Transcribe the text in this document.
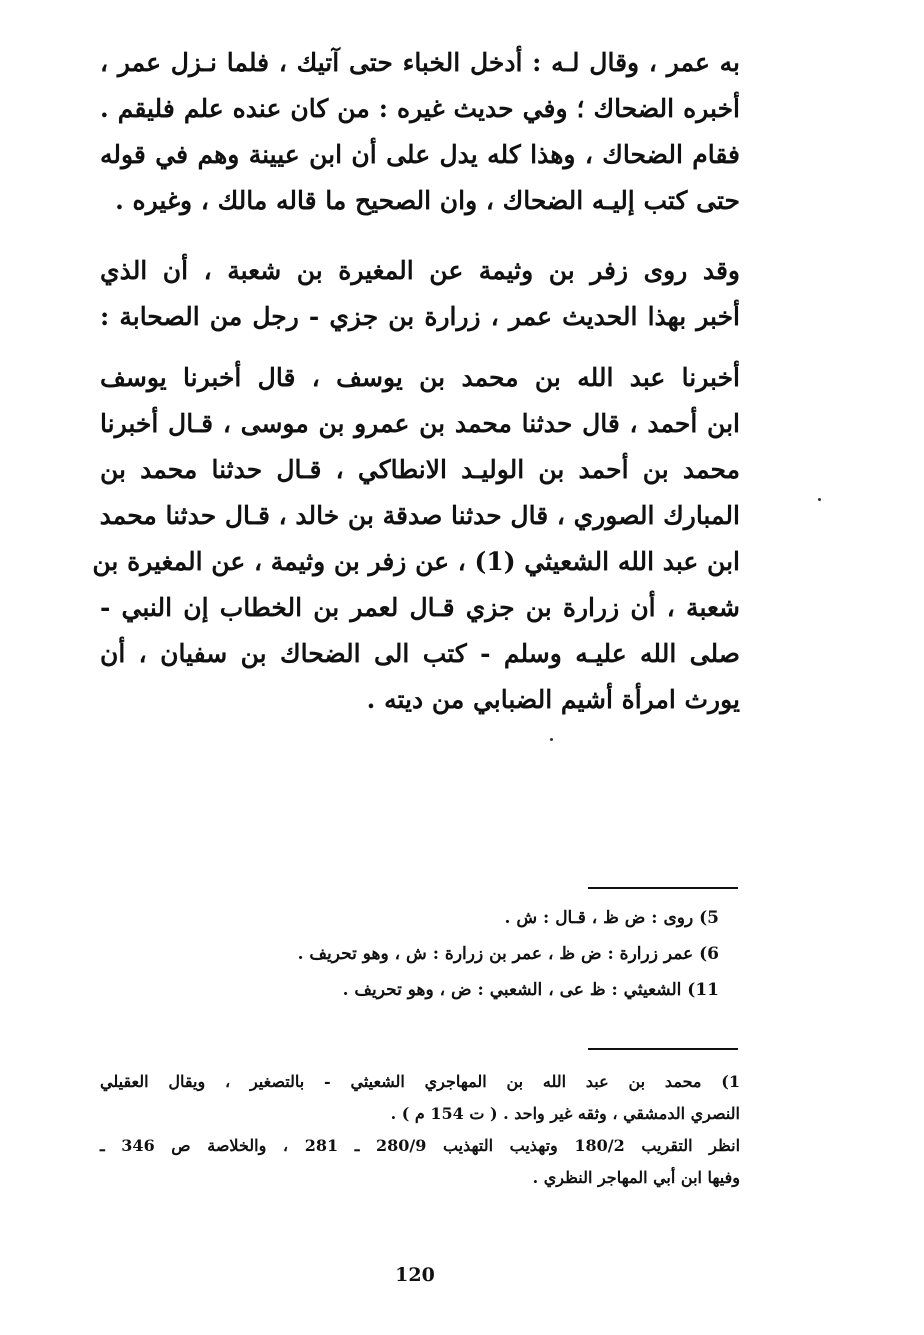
به عمر ، وقال لـه : أدخل الخباء حتى آتيك ، فلما نـزل عمر ،
أخبره الضحاك ؛ وفي حديث غيره : من كان عنده علم فليقم .
فقام الضحاك ، وهذا كله يدل على أن ابن عيينة وهم في قوله
حتى كتب إليـه الضحاك ، وان الصحيح ما قاله مالك ، وغيره .
وقد روى زفر بن وثيمة عن المغيرة بن شعبة ، أن الذي
أخبر بهذا الحديث عمر ، زرارة بن جزي - رجل من الصحابة :
أخبرنا عبد الله بن محمد بن يوسف ، قال أخبرنا يوسف
ابن أحمد ، قال حدثنا محمد بن عمرو بن موسى ، قـال أخبرنا
محمد بن أحمد بن الوليـد الانطاكي ، قـال حدثنا محمد بن
المبارك الصوري ، قال حدثنا صدقة بن خالد ، قـال حدثنا محمد
ابن عبد الله الشعيثي (1) ، عن زفر بن وثيمة ، عن المغيرة بن
شعبة ، أن زرارة بن جزي قـال لعمر بن الخطاب إن النبي -
صلى الله عليـه وسلم - كتب الى الضحاك بن سفيان ، أن
يورث امرأة أشيم الضبابي من ديته .
5) روى : ض ظ ، قـال : ش .
6) عمر زرارة : ض ظ ، عمر بن زرارة : ش ، وهو تحريف .
11) الشعيثي : ظ عى ، الشعبي : ض ، وهو تحريف .
1) محمد بن عبد الله بن المهاجري الشعيثي - بالتصغير ، ويقال العقيلي
النصري الدمشقي ، وثقه غير واحد . ( ت 154 م ) .
انظر التقريب 180/2 وتهذيب التهذيب 280/9 ـ 281 ، والخلاصة ص 346 ـ
وفيها ابن أبي المهاجر النظري .
120
